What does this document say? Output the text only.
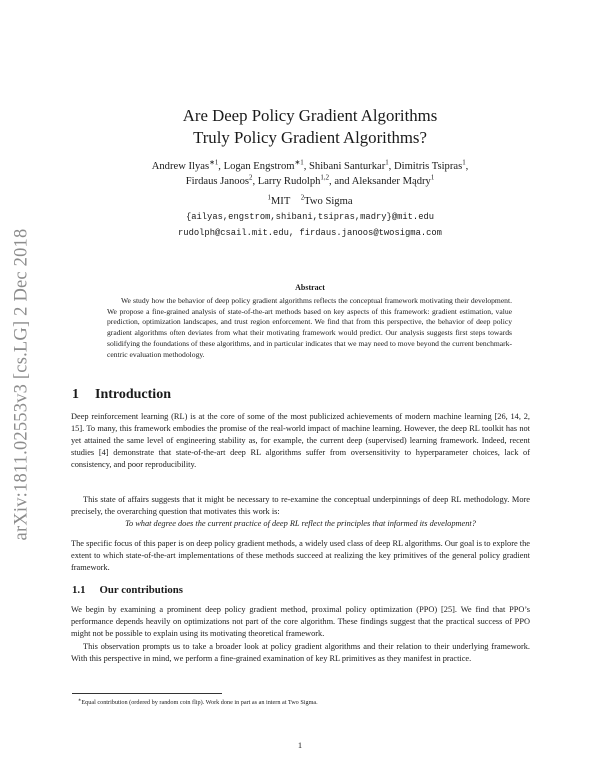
arXiv:1811.02553v3 [cs.LG] 2 Dec 2018
Are Deep Policy Gradient Algorithms
Truly Policy Gradient Algorithms?
Andrew Ilyas$^{∗1}$, Logan Engstrom$^{∗1}$, Shibani Santurkar$^1$, Dimitris Tsipras$^1$,
Firdaus Janoos$^2$, Larry Rudolph$^{1,2}$, and Aleksander Mądry$^1$
$^1$MIT $^2$Two Sigma
{ailyas,engstrom,shibani,tsipras,madry}@mit.edu
rudolph@csail.mit.edu, firdaus.janoos@twosigma.com
Abstract
We study how the behavior of deep policy gradient algorithms reflects the conceptual framework motivating their development. We propose a fine-grained analysis of state-of-the-art methods based on key aspects of this framework: gradient estimation, value prediction, optimization landscapes, and trust region enforcement. We find that from this perspective, the behavior of deep policy gradient algorithms often deviates from what their motivating framework would predict. Our analysis suggests first steps towards solidifying the foundations of these algorithms, and in particular indicates that we may need to move beyond the current benchmark-centric evaluation methodology.
1 Introduction
Deep reinforcement learning (RL) is at the core of some of the most publicized achievements of modern machine learning [26, 14, 2, 15]. To many, this framework embodies the promise of the real-world impact of machine learning. However, the deep RL toolkit has not yet attained the same level of engineering stability as, for example, the current deep (supervised) learning framework. Indeed, recent studies [4] demonstrate that state-of-the-art deep RL algorithms suffer from oversensitivity to hyperparameter choices, lack of consistency, and poor reproducibility.
This state of affairs suggests that it might be necessary to re-examine the conceptual underpinnings of deep RL methodology. More precisely, the overarching question that motivates this work is:
To what degree does the current practice of deep RL reflect the principles that informed its development?
The specific focus of this paper is on deep policy gradient methods, a widely used class of deep RL algorithms. Our goal is to explore the extent to which state-of-the-art implementations of these methods succeed at realizing the key primitives of the general policy gradient framework.
1.1 Our contributions
We begin by examining a prominent deep policy gradient method, proximal policy optimization (PPO) [25]. We find that PPO’s performance depends heavily on optimizations not part of the core algorithm. These findings suggest that the practical success of PPO might not be possible to explain using its motivating theoretical framework.
This observation prompts us to take a broader look at policy gradient algorithms and their relation to their underlying framework. With this perspective in mind, we perform a fine-grained examination of key RL primitives as they manifest in practice.
∗Equal contribution (ordered by random coin flip). Work done in part as an intern at Two Sigma.
1
